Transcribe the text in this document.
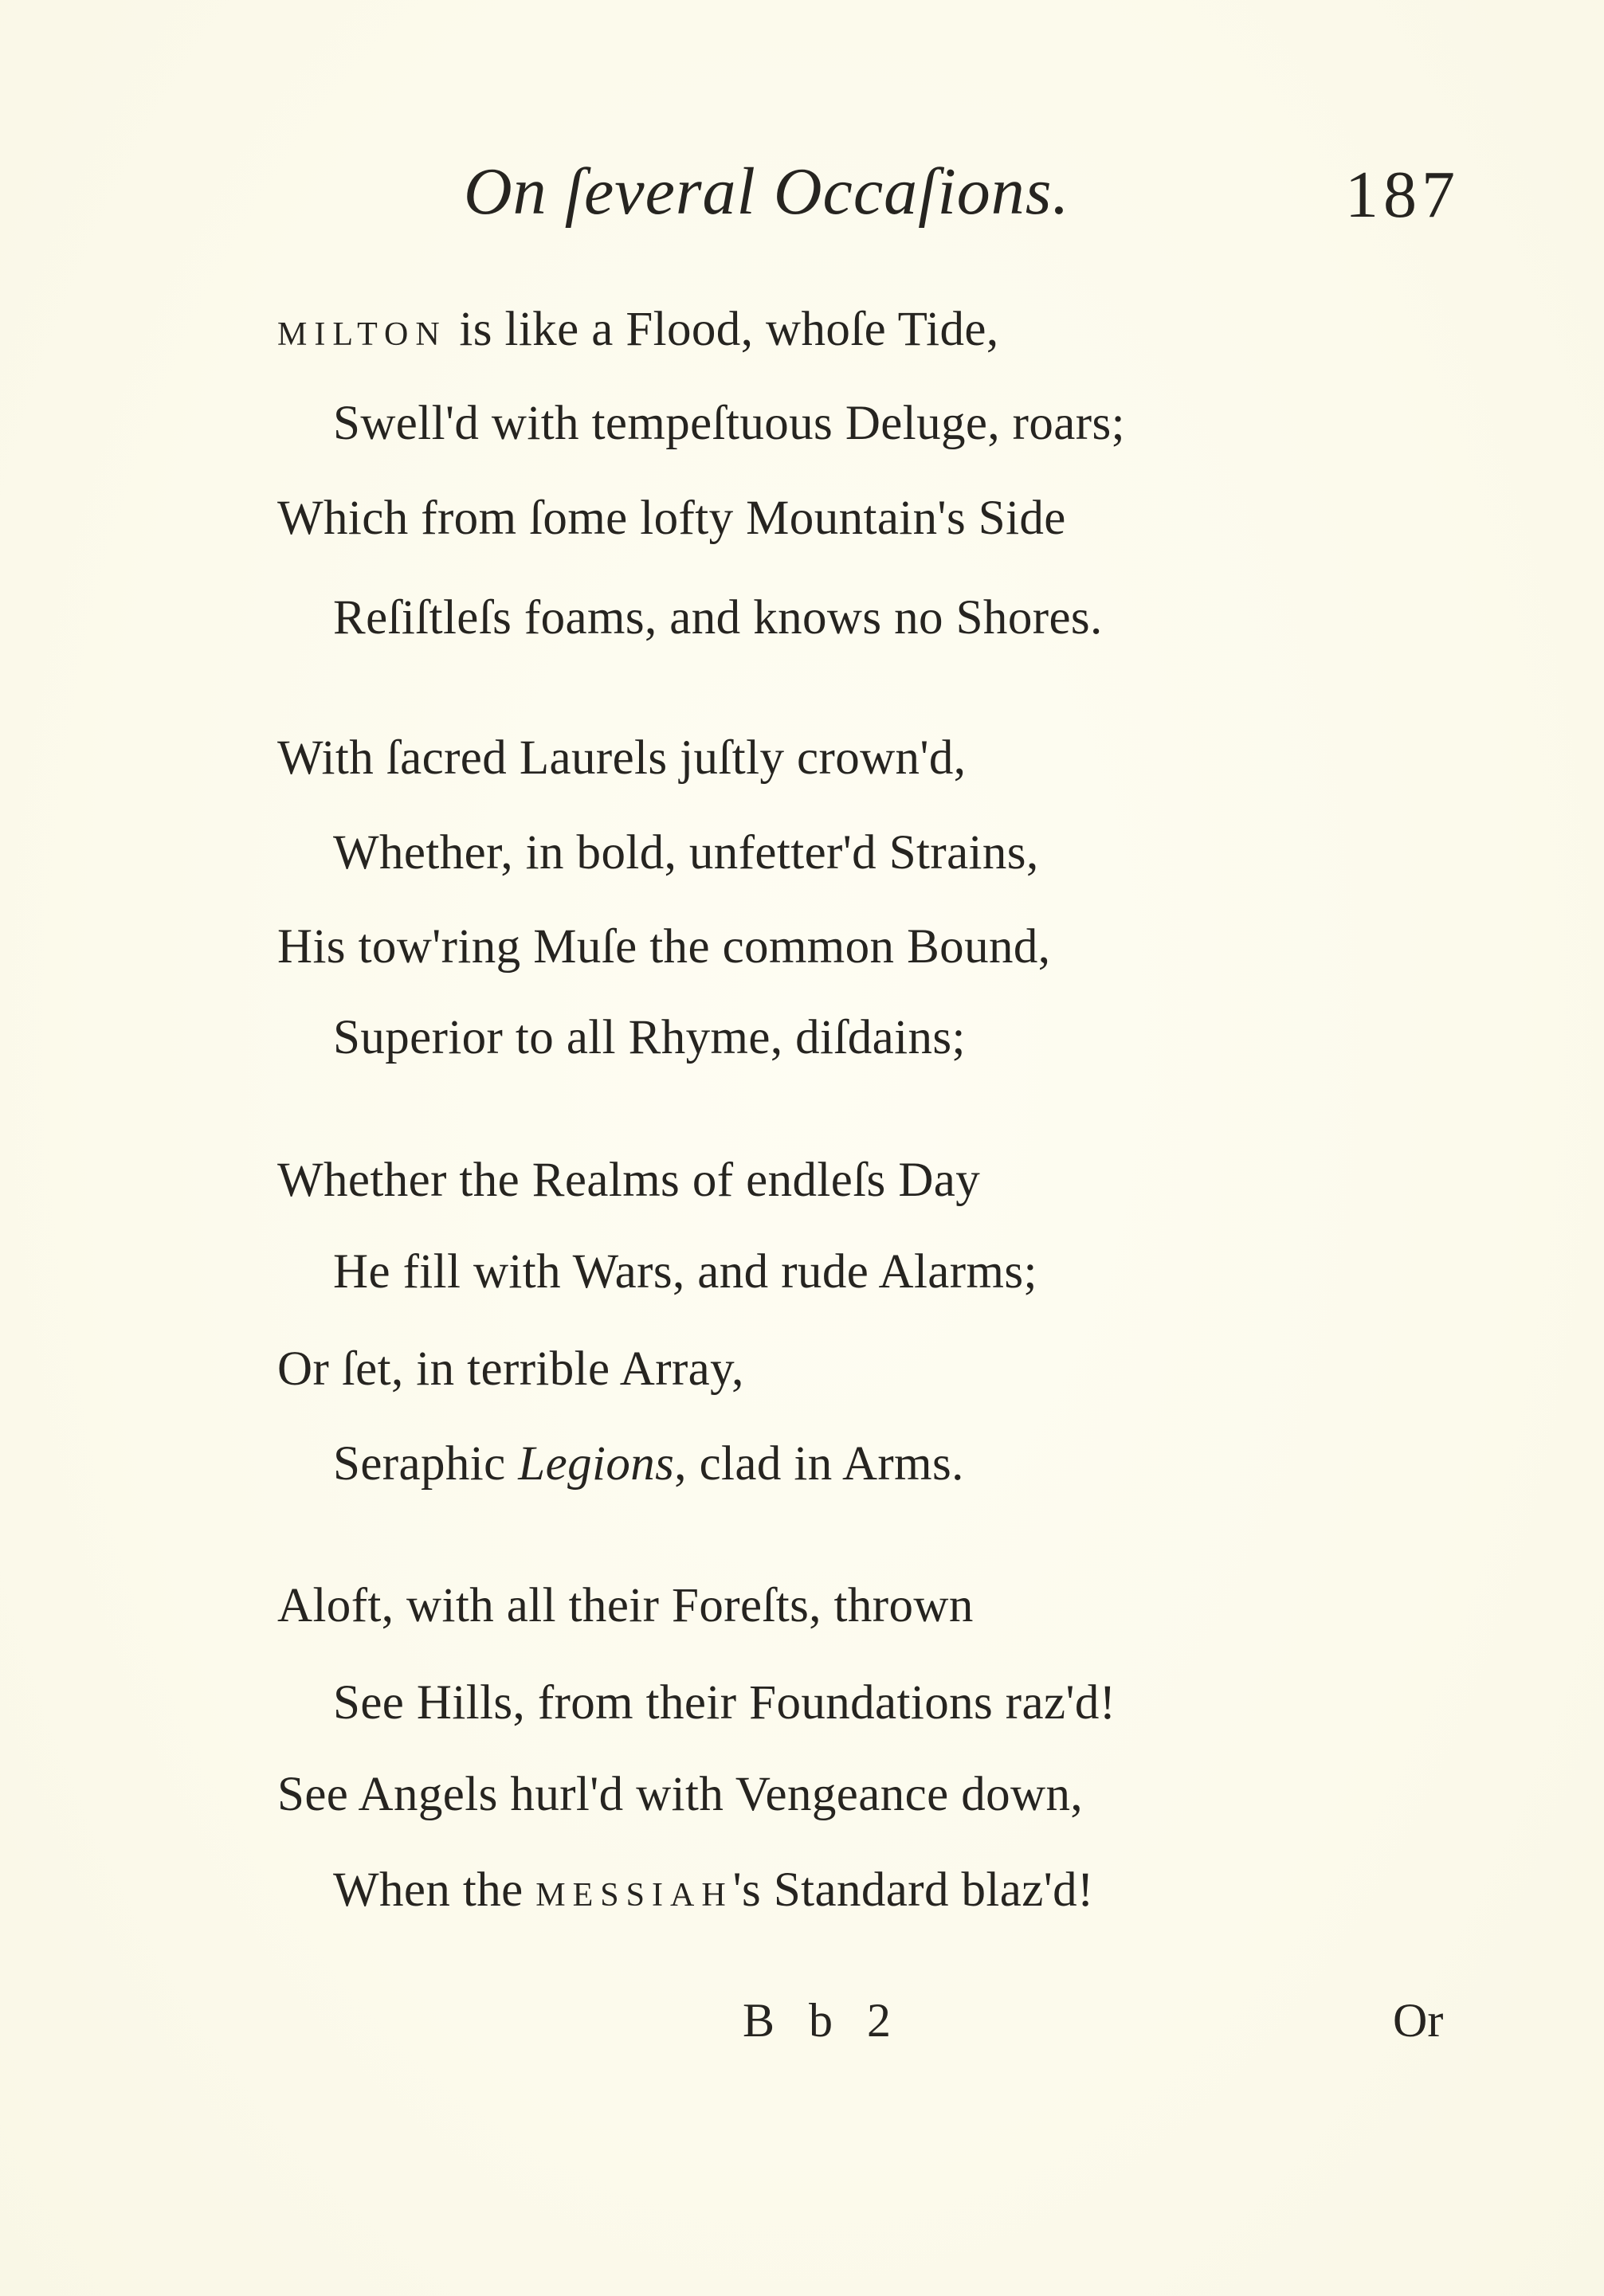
On ſeveral Occaſions.	187
MILTON is like a Flood, whoſe Tide,
Swell'd with tempeſtuous Deluge, roars;
Which from ſome lofty Mountain's Side
Reſiſtleſs foams, and knows no Shores.
With ſacred Laurels juſtly crown'd,
Whether, in bold, unfetter'd Strains,
His tow'ring Muſe the common Bound,
Superior to all Rhyme, diſdains;
Whether the Realms of endleſs Day
He fill with Wars, and rude Alarms;
Or ſet, in terrible Array,
Seraphic Legions, clad in Arms.
Aloft, with all their Foreſts, thrown
See Hills, from their Foundations raz'd!
See Angels hurl'd with Vengeance down,
When the MESSIAH's Standard blaz'd!
B b 2	Or
